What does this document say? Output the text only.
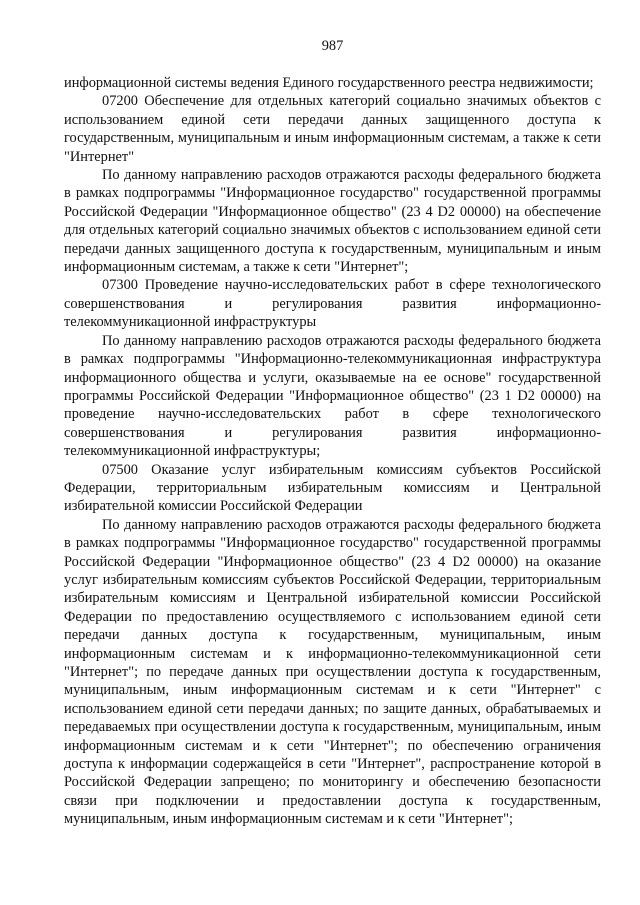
987

информационной системы ведения Единого государственного реестра недвижимости;

07200 Обеспечение для отдельных категорий социально значимых объектов с использованием единой сети передачи данных защищенного доступа к государственным, муниципальным и иным информационным системам, а также к сети "Интернет"

По данному направлению расходов отражаются расходы федерального бюджета в рамках подпрограммы "Информационное государство" государственной программы Российской Федерации "Информационное общество" (23 4 D2 00000) на обеспечение для отдельных категорий социально значимых объектов с использованием единой сети передачи данных защищенного доступа к государственным, муниципальным и иным информационным системам, а также к сети "Интернет";

07300 Проведение научно-исследовательских работ в сфере технологического совершенствования и регулирования развития информационно-телекоммуникационной инфраструктуры

По данному направлению расходов отражаются расходы федерального бюджета в рамках подпрограммы "Информационно-телекоммуникационная инфраструктура информационного общества и услуги, оказываемые на ее основе" государственной программы Российской Федерации "Информационное общество" (23 1 D2 00000) на проведение научно-исследовательских работ в сфере технологического совершенствования и регулирования развития информационно-телекоммуникационной инфраструктуры;

07500 Оказание услуг избирательным комиссиям субъектов Российской Федерации, территориальным избирательным комиссиям и Центральной избирательной комиссии Российской Федерации

По данному направлению расходов отражаются расходы федерального бюджета в рамках подпрограммы "Информационное государство" государственной программы Российской Федерации "Информационное общество" (23 4 D2 00000) на оказание услуг избирательным комиссиям субъектов Российской Федерации, территориальным избирательным комиссиям и Центральной избирательной комиссии Российской Федерации по предоставлению осуществляемого с использованием единой сети передачи данных доступа к государственным, муниципальным, иным информационным системам и к информационно-телекоммуникационной сети "Интернет"; по передаче данных при осуществлении доступа к государственным, муниципальным, иным информационным системам и к сети "Интернет" с использованием единой сети передачи данных; по защите данных, обрабатываемых и передаваемых при осуществлении доступа к государственным, муниципальным, иным информационным системам и к сети "Интернет"; по обеспечению ограничения доступа к информации содержащейся в сети "Интернет", распространение которой в Российской Федерации запрещено; по мониторингу и обеспечению безопасности связи при подключении и предоставлении доступа к государственным, муниципальным, иным информационным системам и к сети "Интернет";
